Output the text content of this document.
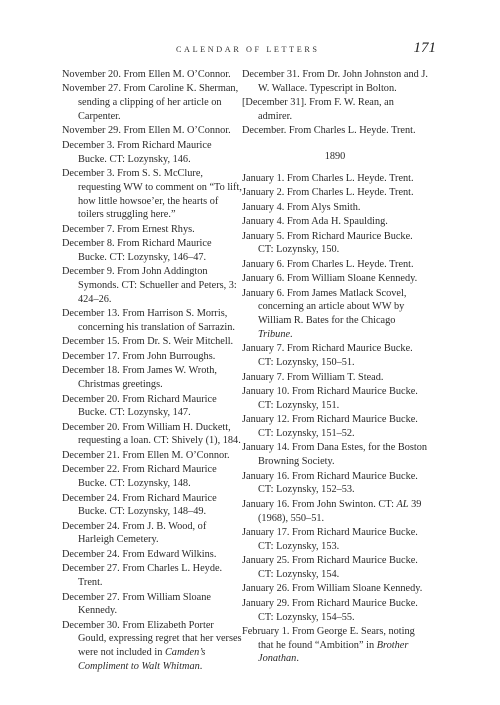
CALENDAR OF LETTERS	171
November 20. From Ellen M. O’Connor.
November 27. From Caroline K. Sherman, sending a clipping of her article on Carpenter.
November 29. From Ellen M. O’Connor.
December 3. From Richard Maurice Bucke. CT: Lozynsky, 146.
December 3. From S. S. McClure, requesting WW to comment on “To lift, how little howsoe’er, the hearts of toilers struggling here.”
December 7. From Ernest Rhys.
December 8. From Richard Maurice Bucke. CT: Lozynsky, 146–47.
December 9. From John Addington Symonds. CT: Schueller and Peters, 3: 424–26.
December 13. From Harrison S. Morris, concerning his translation of Sarrazin.
December 15. From Dr. S. Weir Mitchell.
December 17. From John Burroughs.
December 18. From James W. Wroth, Christmas greetings.
December 20. From Richard Maurice Bucke. CT: Lozynsky, 147.
December 20. From William H. Duckett, requesting a loan. CT: Shively (1), 184.
December 21. From Ellen M. O’Connor.
December 22. From Richard Maurice Bucke. CT: Lozynsky, 148.
December 24. From Richard Maurice Bucke. CT: Lozynsky, 148–49.
December 24. From J. B. Wood, of Harleigh Cemetery.
December 24. From Edward Wilkins.
December 27. From Charles L. Heyde. Trent.
December 27. From William Sloane Kennedy.
December 30. From Elizabeth Porter Gould, expressing regret that her verses were not included in Camden’s Compliment to Walt Whitman.
December 31. From Dr. John Johnston and J. W. Wallace. Typescript in Bolton.
[December 31]. From F. W. Rean, an admirer.
December. From Charles L. Heyde. Trent.
1890
January 1. From Charles L. Heyde. Trent.
January 2. From Charles L. Heyde. Trent.
January 4. From Alys Smith.
January 4. From Ada H. Spaulding.
January 5. From Richard Maurice Bucke. CT: Lozynsky, 150.
January 6. From Charles L. Heyde. Trent.
January 6. From William Sloane Kennedy.
January 6. From James Matlack Scovel, concerning an article about WW by William R. Bates for the Chicago Tribune.
January 7. From Richard Maurice Bucke. CT: Lozynsky, 150–51.
January 7. From William T. Stead.
January 10. From Richard Maurice Bucke. CT: Lozynsky, 151.
January 12. From Richard Maurice Bucke. CT: Lozynsky, 151–52.
January 14. From Dana Estes, for the Boston Browning Society.
January 16. From Richard Maurice Bucke. CT: Lozynsky, 152–53.
January 16. From John Swinton. CT: AL 39 (1968), 550–51.
January 17. From Richard Maurice Bucke. CT: Lozynsky, 153.
January 25. From Richard Maurice Bucke. CT: Lozynsky, 154.
January 26. From William Sloane Kennedy.
January 29. From Richard Maurice Bucke. CT: Lozynsky, 154–55.
February 1. From George E. Sears, noting that he found “Ambition” in Brother Jonathan.
